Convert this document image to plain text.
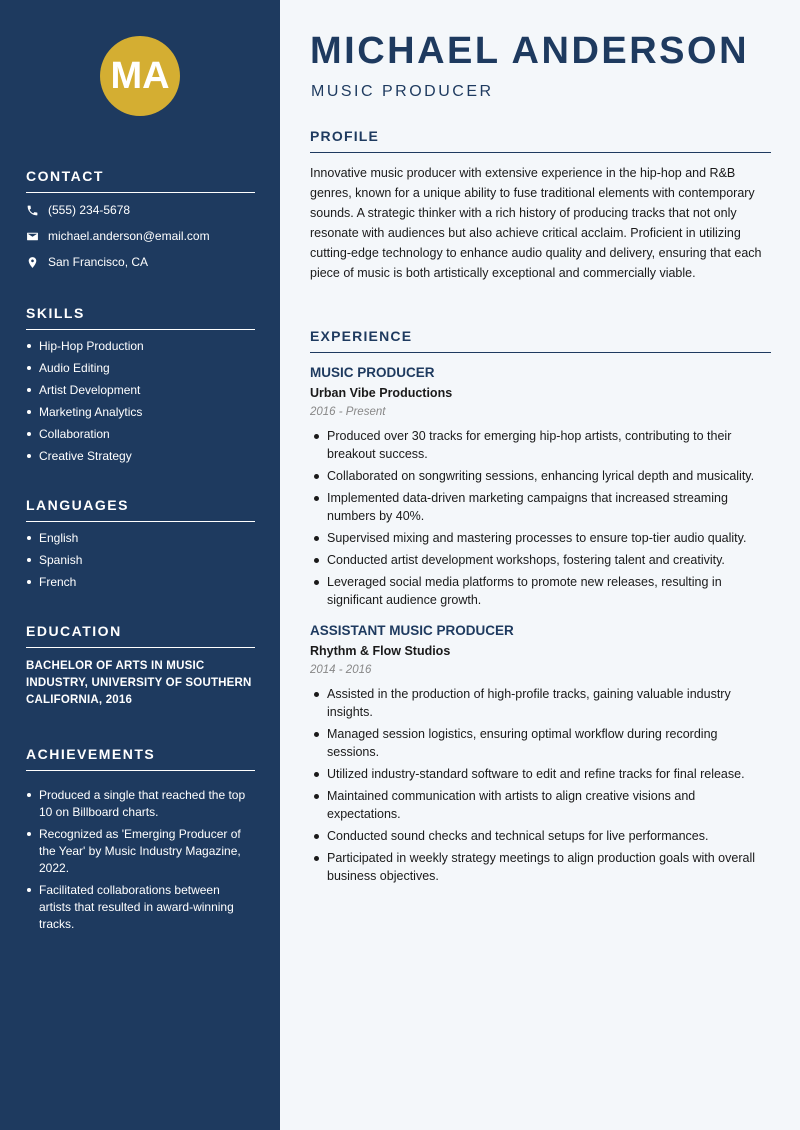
MA
CONTACT
(555) 234-5678
michael.anderson@email.com
San Francisco, CA
SKILLS
Hip-Hop Production
Audio Editing
Artist Development
Marketing Analytics
Collaboration
Creative Strategy
LANGUAGES
English
Spanish
French
EDUCATION
BACHELOR OF ARTS IN MUSIC INDUSTRY, UNIVERSITY OF SOUTHERN CALIFORNIA, 2016
ACHIEVEMENTS
Produced a single that reached the top 10 on Billboard charts.
Recognized as 'Emerging Producer of the Year' by Music Industry Magazine, 2022.
Facilitated collaborations between artists that resulted in award-winning tracks.
MICHAEL ANDERSON
MUSIC PRODUCER
PROFILE
Innovative music producer with extensive experience in the hip-hop and R&B genres, known for a unique ability to fuse traditional elements with contemporary sounds. A strategic thinker with a rich history of producing tracks that not only resonate with audiences but also achieve critical acclaim. Proficient in utilizing cutting-edge technology to enhance audio quality and delivery, ensuring that each piece of music is both artistically exceptional and commercially viable.
EXPERIENCE
MUSIC PRODUCER
Urban Vibe Productions
2016 - Present
Produced over 30 tracks for emerging hip-hop artists, contributing to their breakout success.
Collaborated on songwriting sessions, enhancing lyrical depth and musicality.
Implemented data-driven marketing campaigns that increased streaming numbers by 40%.
Supervised mixing and mastering processes to ensure top-tier audio quality.
Conducted artist development workshops, fostering talent and creativity.
Leveraged social media platforms to promote new releases, resulting in significant audience growth.
ASSISTANT MUSIC PRODUCER
Rhythm & Flow Studios
2014 - 2016
Assisted in the production of high-profile tracks, gaining valuable industry insights.
Managed session logistics, ensuring optimal workflow during recording sessions.
Utilized industry-standard software to edit and refine tracks for final release.
Maintained communication with artists to align creative visions and expectations.
Conducted sound checks and technical setups for live performances.
Participated in weekly strategy meetings to align production goals with overall business objectives.
